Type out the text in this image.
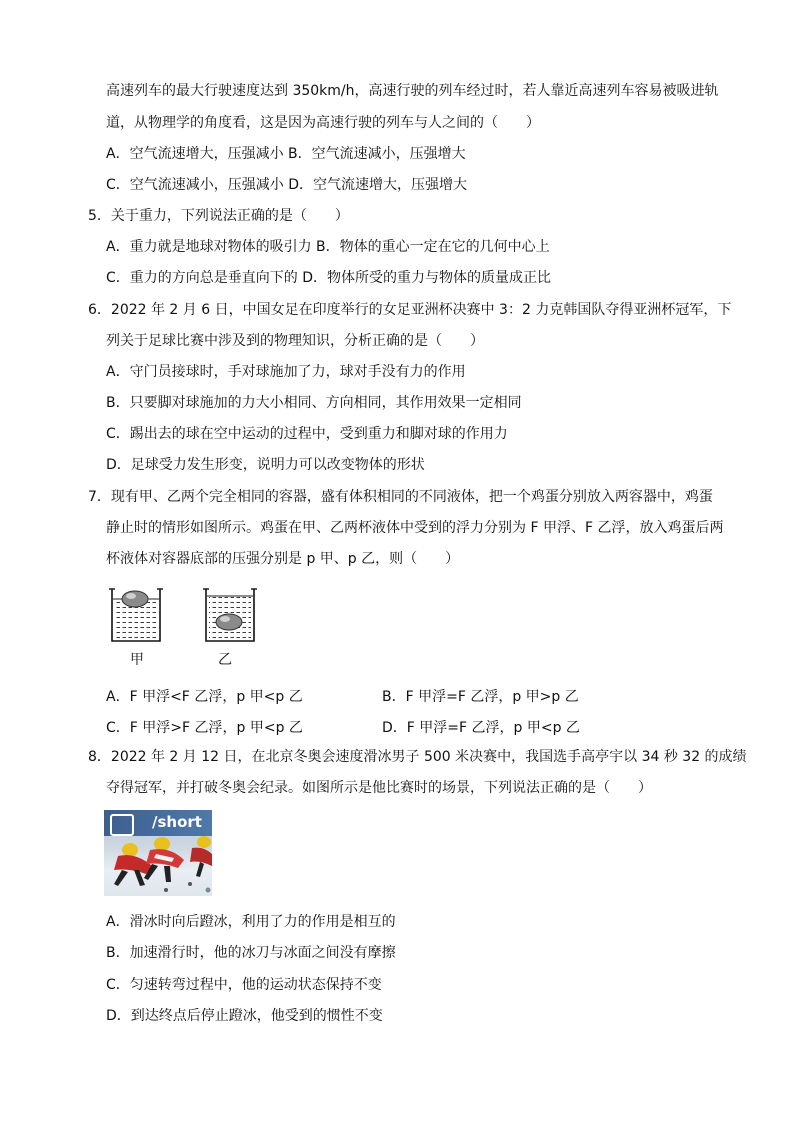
高速列车的最大行驶速度达到 350km/h，高速行驶的列车经过时，若人靠近高速列车容易被吸进轨
道，从物理学的角度看，这是因为高速行驶的列车与人之间的（　　）
A．空气流速增大，压强减小 B．空气流速减小，压强增大
C．空气流速减小，压强减小 D．空气流速增大，压强增大
5．关于重力，下列说法正确的是（　　）
A．重力就是地球对物体的吸引力 B．物体的重心一定在它的几何中心上
C．重力的方向总是垂直向下的 D．物体所受的重力与物体的质量成正比
6．2022 年 2 月 6 日，中国女足在印度举行的女足亚洲杯决赛中 3：2 力克韩国队夺得亚洲杯冠军，下
列关于足球比赛中涉及到的物理知识，分析正确的是（　　）
A．守门员接球时，手对球施加了力，球对手没有力的作用
B．只要脚对球施加的力大小相同、方向相同，其作用效果一定相同
C．踢出去的球在空中运动的过程中，受到重力和脚对球的作用力
D．足球受力发生形变，说明力可以改变物体的形状
7．现有甲、乙两个完全相同的容器，盛有体积相同的不同液体，把一个鸡蛋分别放入两容器中，鸡蛋
静止时的情形如图所示。鸡蛋在甲、乙两杯液体中受到的浮力分别为 F 甲浮、F 乙浮，放入鸡蛋后两
杯液体对容器底部的压强分别是 p 甲、p 乙，则（　　）
甲	乙
A．F 甲浮<F 乙浮，p 甲<p 乙	B．F 甲浮=F 乙浮，p 甲>p 乙
C．F 甲浮>F 乙浮，p 甲<p 乙	D．F 甲浮=F 乙浮，p 甲<p 乙
8．2022 年 2 月 12 日，在北京冬奥会速度滑冰男子 500 米决赛中，我国选手高亭宇以 34 秒 32 的成绩
夺得冠军，并打破冬奥会纪录。如图所示是他比赛时的场景，下列说法正确的是（　　）
/short
A．滑冰时向后蹬冰，利用了力的作用是相互的
B．加速滑行时，他的冰刀与冰面之间没有摩擦
C．匀速转弯过程中，他的运动状态保持不变
D．到达终点后停止蹬冰，他受到的惯性不变
